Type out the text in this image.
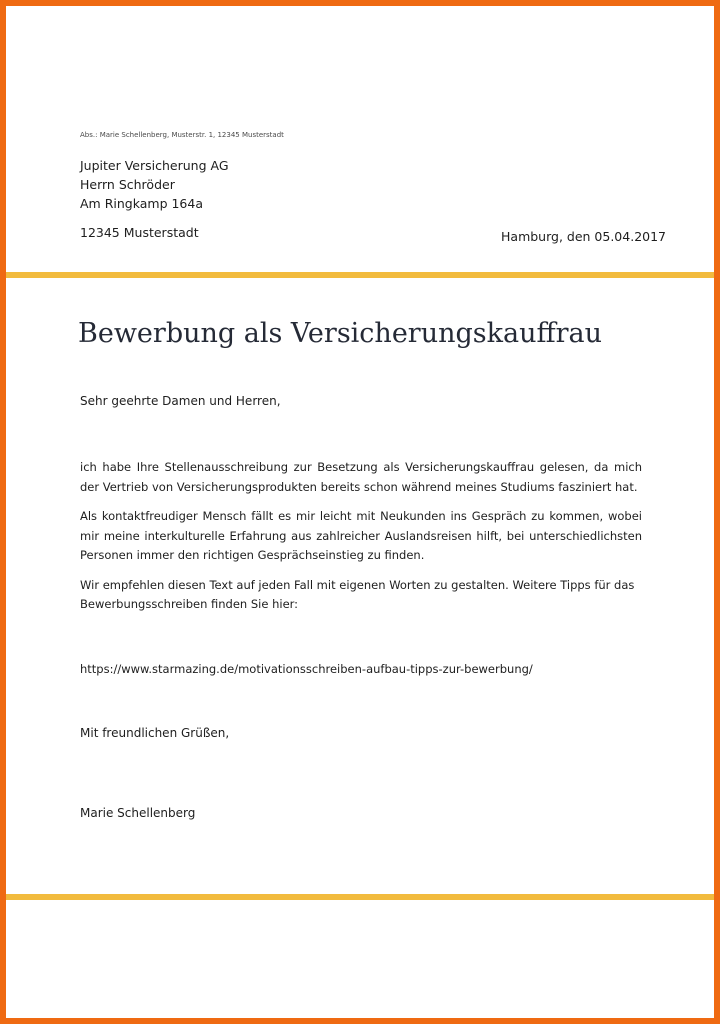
Abs.: Marie Schellenberg, Musterstr. 1, 12345 Musterstadt
Jupiter Versicherung AG
Herrn Schröder
Am Ringkamp 164a
12345 Musterstadt	Hamburg, den 05.04.2017
Bewerbung als Versicherungskauffrau
Sehr geehrte Damen und Herren,

ich habe Ihre Stellenausschreibung zur Besetzung als Versicherungskauffrau gelesen, da mich der Vertrieb von Versicherungsprodukten bereits schon während meines Studiums fasziniert hat.

Als kontaktfreudiger Mensch fällt es mir leicht mit Neukunden ins Gespräch zu kommen, wobei mir meine interkulturelle Erfahrung aus zahlreicher Auslandsreisen hilft, bei unterschiedlichsten Personen immer den richtigen Gesprächseinstieg zu finden.

Wir empfehlen diesen Text auf jeden Fall mit eigenen Worten zu gestalten. Weitere Tipps für das Bewerbungsschreiben finden Sie hier:

https://www.starmazing.de/motivationsschreiben-aufbau-tipps-zur-bewerbung/
Mit freundlichen Grüßen,
Marie Schellenberg
